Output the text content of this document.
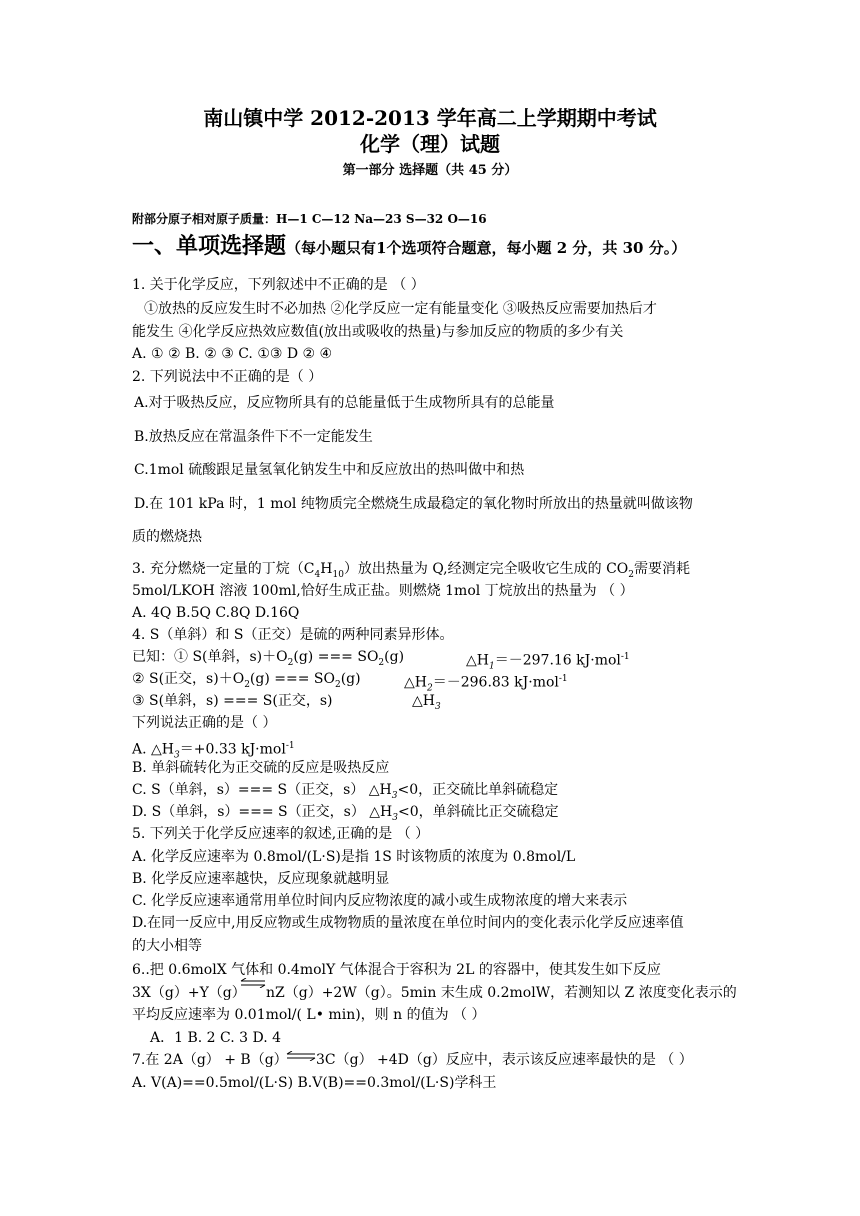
南山镇中学 2012-2013 学年高二上学期期中考试
化学（理）试题
第一部分 选择题（共 45 分）
附部分原子相对原子质量：H—1 C—12 Na—23 S—32 O—16
一、单项选择题（每小题只有1 ·个选项符合题意，每小题 2 分，共 30 分。）
1. 关于化学反应，下列叙述中不正确的是 （ ）
①放热的反应发生时不必加热 ②化学反应一定有能量变化 ③吸热反应需要加热后才
能发生 ④化学反应热效应数值(放出或吸收的热量)与参加反应的物质的多少有关
A. ① ② B. ② ③ C. ①③ D ② ④
2. 下列说法中不正确的是（ ）
A.对于吸热反应，反应物所具有的总能量低于生成物所具有的总能量
B.放热反应在常温条件下不一定能发生
C.1mol 硫酸跟足量氢氧化钠发生中和反应放出的热叫做中和热
D.在 101 kPa 时，1 mol 纯物质完全燃烧生成最稳定的氧化物时所放出的热量就叫做该物
质的燃烧热
3. 充分燃烧一定量的丁烷$(C_4H_{10})$放出热量为 Q,经测定完全吸收它生成的 $CO_2$需要消耗
5mol/LKOH 溶液 100ml,恰好生成正盐。则燃烧 1mol 丁烷放出的热量为 （ ）
A. 4Q B.5Q C.8Q D.16Q
4. S（单斜）和 S（正交）是硫的两种同素异形体。
已知：① S(单斜，$s)+O_2(g)$ === $SO_2(g)$	$\triangle H_1=-297.16$ kJ·mol$^{-1}$
② S(正交，$s)+O_2(g)$ === $SO_2(g)$	$\triangle H_2=-296.83$ kJ·mol$^{-1}$
③ S(单斜，s) === S(正交，s)	$\triangle H_3$
下列说法正确的是（ ）
A. $\triangle H_3=+0.33$ kJ·mol$^{-1}$
B. 单斜硫转化为正交硫的反应是吸热反应
C. S（单斜，s）=== S（正交，s） $\triangle H_3<0$，正交硫比单斜硫稳定
D. S（单斜，s）=== S（正交，s） $\triangle H_3<0$，单斜硫比正交硫稳定
5. 下列关于化学反应速率的叙述,正确的是 （ ）
A. 化学反应速率为 0.8mol/(L·S)是指 1S 时该物质的浓度为 0.8mol/L
B. 化学反应速率越快，反应现象就越明显
C. 化学反应速率通常用单位时间内反应物浓度的减小或生成物浓度的增大来表示
D.在同一反应中,用反应物或生成物物质的量浓度在单位时间内的变化表示化学反应速率值
的大小相等
6..把 0.6molX 气体和 0.4molY 气体混合于容积为 2L 的容器中，使其发生如下反应
3X（g）+Y（g） nZ（g）+2W（g）。5min 末生成 0.2molW，若测知以 Z 浓度变化表示的
平均反应速率为 0.01mol/( L• min)，则 n 的值为 （ ）
A．1 B. 2 C. 3 D. 4
7.在 2A（g） + B（g） ⇌ 3C（g） +4D（g）反应中，表示该反应速率最快的是 （ ）
A. V(A)==0.5mol/(L·S) B.V(B)==0.3mol/(L·S)学科王
